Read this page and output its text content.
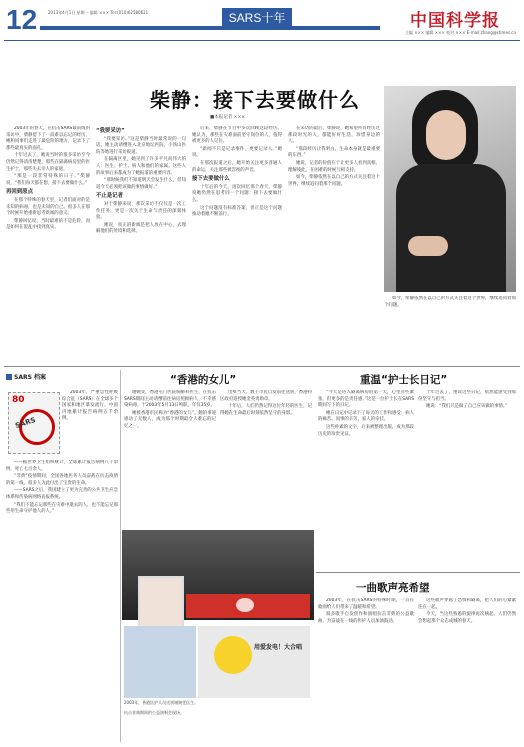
12	2013年4月1日 星期一 编辑 ××× Tel:(010)62580621	SARS十年	中国科学报
主编 ××× 编辑 ××× 校对 ××× E-mail:zhang@stimes.cn
柴静：接下去要做什么
■本报记者 ×××

2003年的春天，在抗击SARS最前线的采访中，柴静留下了一段难以忘记的经历，她和同事们走进了最危险的地方，记录下了那些最真实的面孔。

十年过去了，她说当时的很多采访至今仍然记得清清楚楚，那些在隔离病房里的医生护士，那些失去亲人的家庭。

“那是一段非常特殊的日子。”柴静说，“我们每天都在想，接下去要做什么。”

再回到原点

在那个特殊的春天里，记者们面对的是未知的病毒，也是未知的自己。很多人在那个时候开始重新思考新闻的意义。

柴静回忆说，当时最难的不是危险，而是如何在混乱中找到真实。

“我要采访”

“我要采访。”这是柴静当时最常说的一句话。她主动请缨进入北京地坛医院、小汤山医院等地进行采访报道。

在隔离区里，她见到了许多平凡而伟大的人：医生、护士、病人和他们的家属。这些人的故事后来都成为了她报道的重要内容。

“那时候我们不知道明天会发生什么，但知道今天必须把该做的事情做好。”

不止是记者

对于柴静来说，那次采访不仅仅是一次工作任务，更是一次关于生命与责任的深刻体验。

她说，真正的新闻是把人放在中心，去理解他们的处境和选择。

后来，柴静在节目中多次回顾这段经历。她认为，那些在灾难面前坚守岗位的人，值得被更多的人记住。

“新闻不只是记录事件，更要记录人。”她说。

在那次报道之后，她开始关注更多普通人的命运，关注那些被忽视的声音。

接下去要做什么

十年后的今天，再次回忆那个春天，柴静说她仍然在思考同一个问题：接下去要做什么。

这个问题没有标准答案，但正是这个问题推动着她不断前行。

在采访的最后，柴静说，她希望所有经历过那段时光的人，都能好好生活，珍惜身边的人。

“那段经历让我明白，生命本身就是最重要的东西。”

她说，记者的价值在于让更多人看到真相，理解彼此，在困难的时候互相支持。

如今，柴静依然在以自己的方式关注着这个世界，继续追问着那个问题。

如今，柴静依然在以自己的方式关注着这个世界，继续追问着那个问题。

SARS 档案
80
SARS

2003年，严重急性呼吸综合征（SARS）在全球多个国家和地区暴发流行。中国内地累计报告病例五千余例。

——据世界卫生组织统计，全球累计报告病例八千余例，死亡七百余人。

“非典”疫情期间，全国各地医务人员奋战在抗击疫情的第一线，很多人为此付出了宝贵的生命。

——SARS之后，我国建立了更为完善的公共卫生应急体系和传染病网络直报系统。

“我们不能忘记那些在灾难中逝去的人，也不能忘记那些用生命守护他人的人。”

“香港的女儿”

谢婉雯，香港屯门医院胸肺科医生，在抗击SARS期间主动请缨前往病房照顾病人，不幸感染病毒，于2003年5月13日殉职，年仅35岁。

她被香港市民称为“香港的女儿”。她的事迹感动了无数人，成为那个时期最令人难忘的记忆之一。

出殡当天，数千市民自发前往送别，香港特区政府追授她金英勇勋章。

十年后，人们仍然记得这位年轻的医生，记得她在生命最后时刻依然坚守的身影。

用爱发电！大合唱
2003年，香港医护人员送别谢婉雯医生。
抗击非典期间的公益演唱会现场。
重温“护士长日记”

“今天是进入隔离病房的第一天，心里有些紧张，但更多的是责任感。”这是一位护士长在SARS期间写下的日记。

她在日记中记录下了每天的工作和感受：病人的痛苦、同事的辛劳、家人的牵挂。

这些朴素的文字，后来被整理出版，成为那段历史的珍贵见证。

十年过去了，重读这些日记，依然能感受到那份坚守与担当。

她说：“我们只是做了自己应该做的事情。”

一曲歌声亮希望

2003年，在抗击SARS的特殊时期，一首首歌曲给人们带来了温暖和希望。

很多歌手自发创作和演唱抗击非典的公益歌曲，为奋战在一线的医护人员加油鼓劲。

这些歌声穿越了恐惧和隔离，把人们的心紧紧连在一起。

今天，当这些熟悉的旋律再次响起，人们仍然会想起那个众志成城的春天。
